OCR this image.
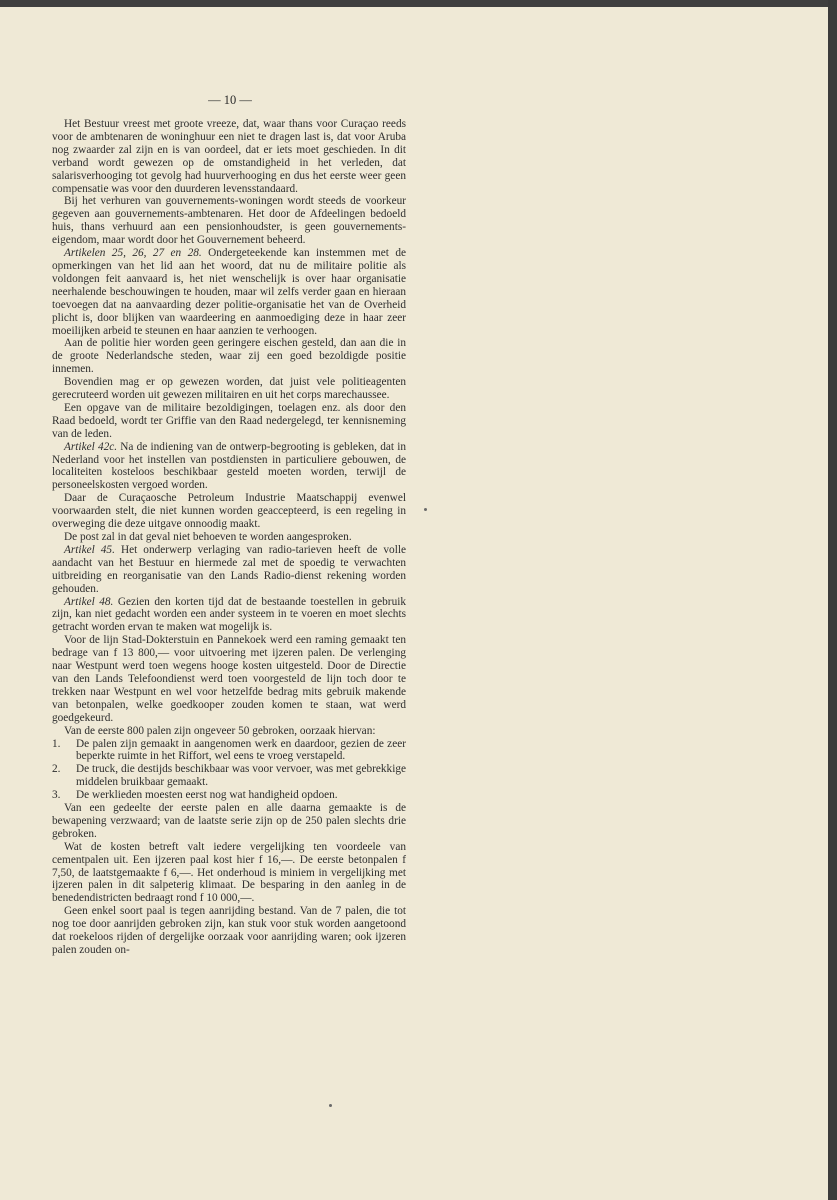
— 10 —

Het Bestuur vreest met groote vreeze, dat, waar thans voor Curaçao reeds voor de ambtenaren de woninghuur een niet te dragen last is, dat voor Aruba nog zwaarder zal zijn en is van oordeel, dat er iets moet geschieden. In dit verband wordt gewezen op de omstandigheid in het verleden, dat salarisverhooging tot gevolg had huurverhooging en dus het eerste weer geen compensatie was voor den duurderen levensstandaard.

Bij het verhuren van gouvernements-woningen wordt steeds de voorkeur gegeven aan gouvernements-ambtenaren. Het door de Afdeelingen bedoeld huis, thans verhuurd aan een pensionhoudster, is geen gouvernements-eigendom, maar wordt door het Gouvernement beheerd.

Artikelen 25, 26, 27 en 28. Ondergeteekende kan instemmen met de opmerkingen van het lid aan het woord, dat nu de militaire politie als voldongen feit aanvaard is, het niet wenschelijk is over haar organisatie neerhalende beschouwingen te houden, maar wil zelfs verder gaan en hieraan toevoegen dat na aanvaarding dezer politie-organisatie het van de Overheid plicht is, door blijken van waardeering en aanmoediging deze in haar zeer moeilijken arbeid te steunen en haar aanzien te verhoogen.

Aan de politie hier worden geen geringere eischen gesteld, dan aan die in de groote Nederlandsche steden, waar zij een goed bezoldigde positie innemen.

Bovendien mag er op gewezen worden, dat juist vele politieagenten gerecruteerd worden uit gewezen militairen en uit het corps marechaussee.

Een opgave van de militaire bezoldigingen, toelagen enz. als door den Raad bedoeld, wordt ter Griffie van den Raad nedergelegd, ter kennisneming van de leden.

Artikel 42c. Na de indiening van de ontwerp-begrooting is gebleken, dat in Nederland voor het instellen van postdiensten in particuliere gebouwen, de localiteiten kosteloos beschikbaar gesteld moeten worden, terwijl de personeelskosten vergoed worden.

Daar de Curaçaosche Petroleum Industrie Maatschappij evenwel voorwaarden stelt, die niet kunnen worden geaccepteerd, is een regeling in overweging die deze uitgave onnoodig maakt.

De post zal in dat geval niet behoeven te worden aangesproken.

Artikel 45. Het onderwerp verlaging van radio-tarieven heeft de volle aandacht van het Bestuur en hiermede zal met de spoedig te verwachten uitbreiding en reorganisatie van den Lands Radio-dienst rekening worden gehouden.

Artikel 48. Gezien den korten tijd dat de bestaande toestellen in gebruik zijn, kan niet gedacht worden een ander systeem in te voeren en moet slechts getracht worden ervan te maken wat mogelijk is.

Voor de lijn Stad-Dokterstuin en Pannekoek werd een raming gemaakt ten bedrage van f 13 800,— voor uitvoering met ijzeren palen. De verlenging naar Westpunt werd toen wegens hooge kosten uitgesteld. Door de Directie van den Lands Telefoondienst werd toen voorgesteld de lijn toch door te trekken naar Westpunt en wel voor hetzelfde bedrag mits gebruik makende van betonpalen, welke goedkooper zouden komen te staan, wat werd goedgekeurd.

Van de eerste 800 palen zijn ongeveer 50 gebroken, oorzaak hiervan:

1. De palen zijn gemaakt in aangenomen werk en daardoor, gezien de zeer beperkte ruimte in het Riffort, wel eens te vroeg verstapeld.

2. De truck, die destijds beschikbaar was voor vervoer, was met gebrekkige middelen bruikbaar gemaakt.

3. De werklieden moesten eerst nog wat handigheid opdoen.

Van een gedeelte der eerste palen en alle daarna gemaakte is de bewapening verzwaard; van de laatste serie zijn op de 250 palen slechts drie gebroken.

Wat de kosten betreft valt iedere vergelijking ten voordeele van cementpalen uit. Een ijzeren paal kost hier f 16,—. De eerste betonpalen f 7,50, de laatstgemaakte f 6,—. Het onderhoud is miniem in vergelijking met ijzeren palen in dit salpeterig klimaat. De besparing in den aanleg in de benedendistricten bedraagt rond f 10 000,—.

Geen enkel soort paal is tegen aanrijding bestand. Van de 7 palen, die tot nog toe door aanrijden gebroken zijn, kan stuk voor stuk worden aangetoond dat roekeloos rijden of dergelijke oorzaak voor aanrijding waren; ook ijzeren palen zouden on-
